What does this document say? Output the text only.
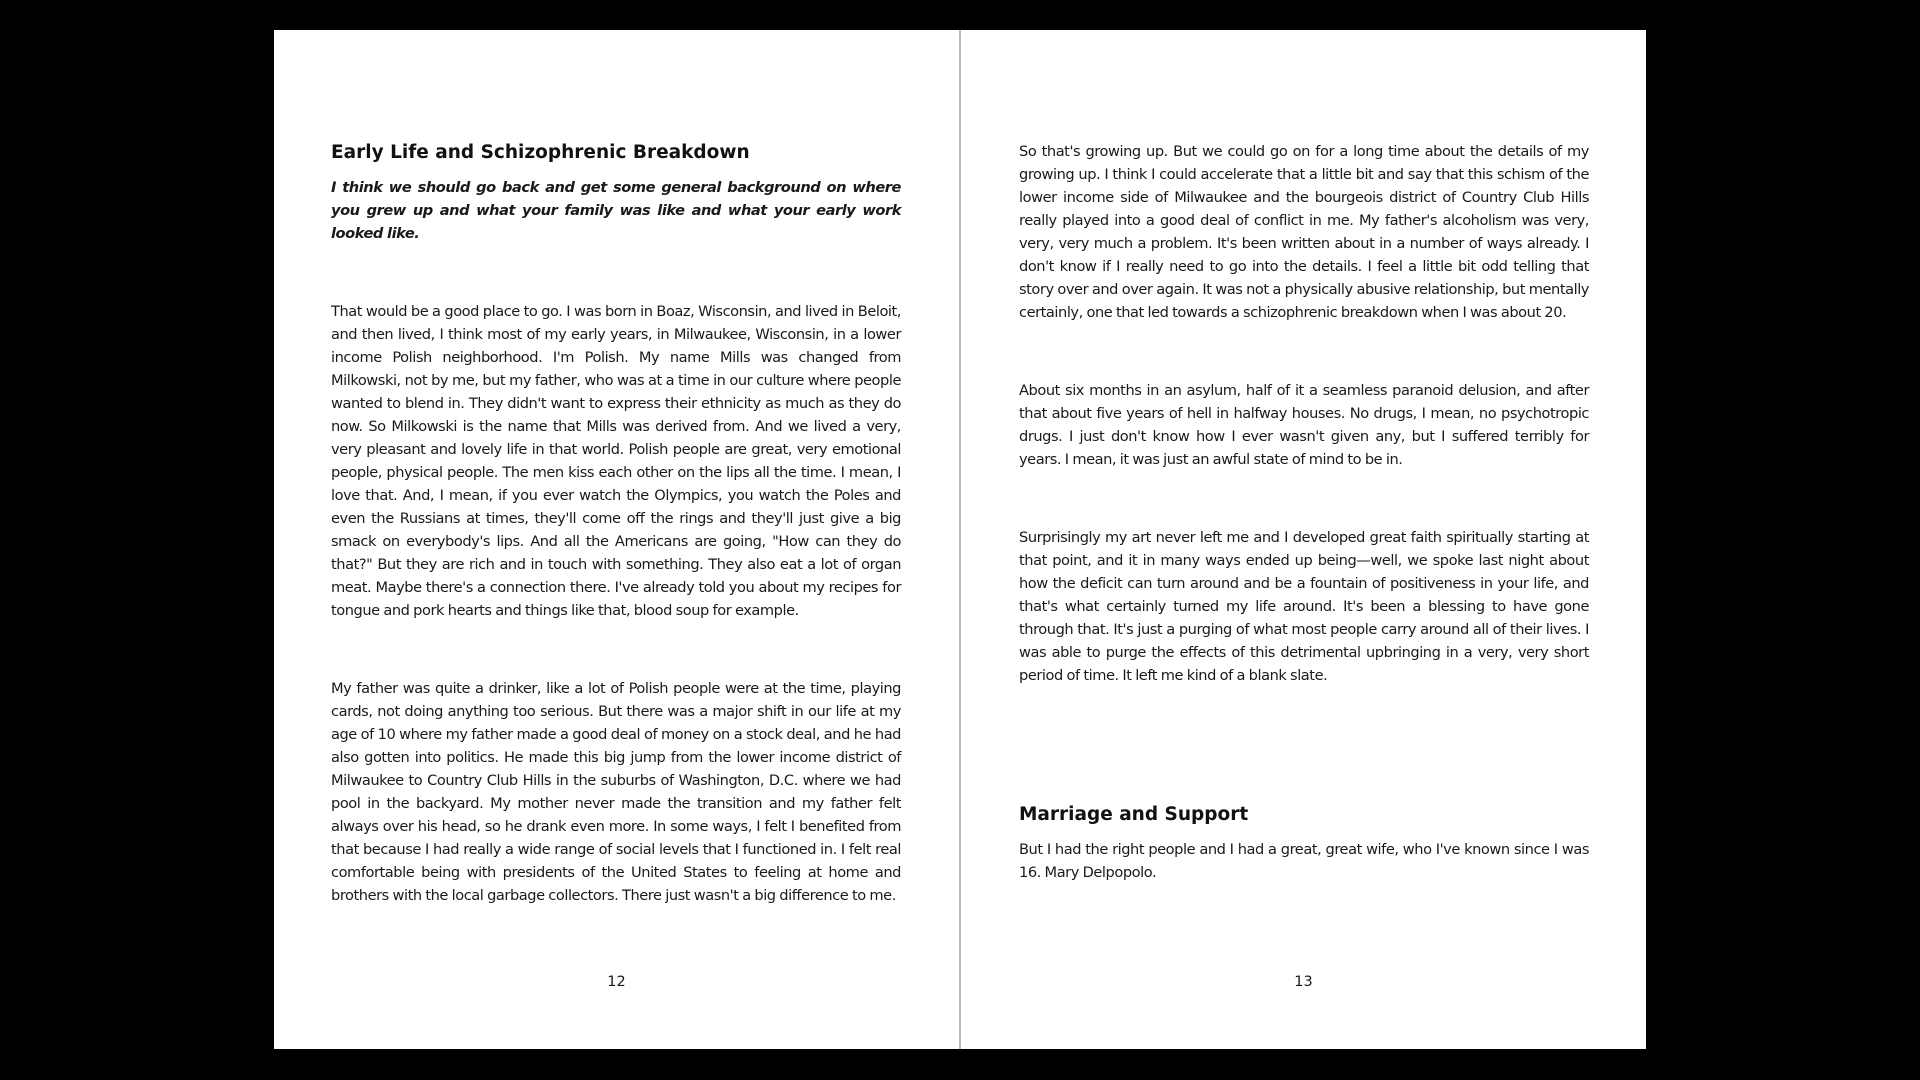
Early Life and Schizophrenic Breakdown

I think we should go back and get some general background on where you grew up and what your family was like and what your early work looked like.

That would be a good place to go. I was born in Boaz, Wisconsin, and lived in Beloit, and then lived, I think most of my early years, in Milwaukee, Wisconsin, in a lower income Polish neighborhood. I'm Polish. My name Mills was changed from Milkowski, not by me, but my father, who was at a time in our culture where people wanted to blend in. They didn't want to express their ethnicity as much as they do now. So Milkowski is the name that Mills was derived from. And we lived a very, very pleasant and lovely life in that world. Polish people are great, very emotional people, physical people. The men kiss each other on the lips all the time. I mean, I love that. And, I mean, if you ever watch the Olympics, you watch the Poles and even the Russians at times, they'll come off the rings and they'll just give a big smack on everybody's lips. And all the Americans are going, "How can they do that?" But they are rich and in touch with something. They also eat a lot of organ meat. Maybe there's a connection there. I've already told you about my recipes for tongue and pork hearts and things like that, blood soup for example.

My father was quite a drinker, like a lot of Polish people were at the time, playing cards, not doing anything too serious. But there was a major shift in our life at my age of 10 where my father made a good deal of money on a stock deal, and he had also gotten into politics. He made this big jump from the lower income district of Milwaukee to Country Club Hills in the suburbs of Washington, D.C. where we had pool in the backyard. My mother never made the transition and my father felt always over his head, so he drank even more. In some ways, I felt I benefited from that because I had really a wide range of social levels that I functioned in. I felt real comfortable being with presidents of the United States to feeling at home and brothers with the local garbage collectors. There just wasn't a big difference to me.

12

So that's growing up. But we could go on for a long time about the details of my growing up. I think I could accelerate that a little bit and say that this schism of the lower income side of Milwaukee and the bourgeois district of Country Club Hills really played into a good deal of conflict in me. My father's alcoholism was very, very, very much a problem. It's been written about in a number of ways already. I don't know if I really need to go into the details. I feel a little bit odd telling that story over and over again. It was not a physically abusive relationship, but mentally certainly, one that led towards a schizophrenic breakdown when I was about 20.

About six months in an asylum, half of it a seamless paranoid delusion, and after that about five years of hell in halfway houses. No drugs, I mean, no psychotropic drugs. I just don't know how I ever wasn't given any, but I suffered terribly for years. I mean, it was just an awful state of mind to be in.

Surprisingly my art never left me and I developed great faith spiritually starting at that point, and it in many ways ended up being—well, we spoke last night about how the deficit can turn around and be a fountain of positiveness in your life, and that's what certainly turned my life around. It's been a blessing to have gone through that. It's just a purging of what most people carry around all of their lives. I was able to purge the effects of this detrimental upbringing in a very, very short period of time. It left me kind of a blank slate.

Marriage and Support

But I had the right people and I had a great, great wife, who I've known since I was 16. Mary Delpopolo.

13
